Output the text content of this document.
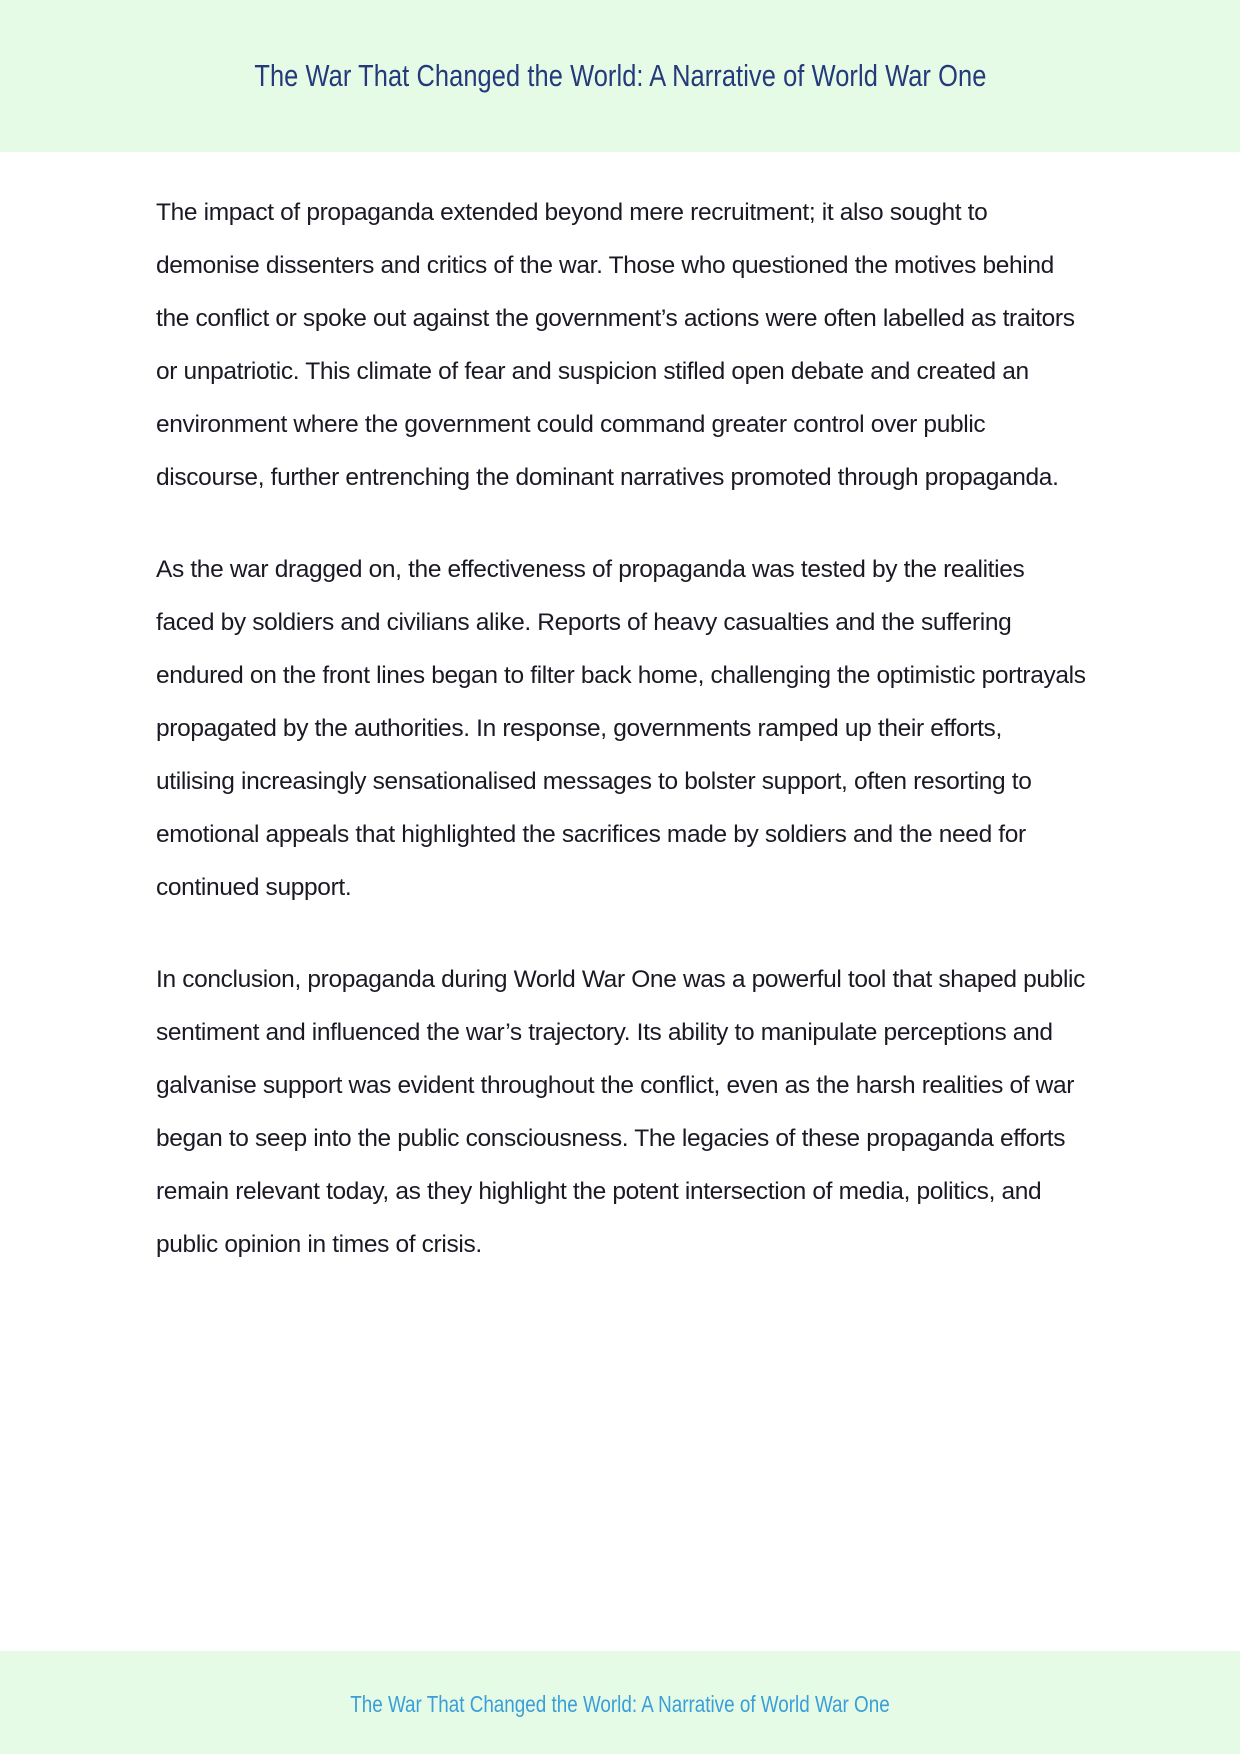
The War That Changed the World: A Narrative of World War One

The impact of propaganda extended beyond mere recruitment; it also sought to demonise dissenters and critics of the war. Those who questioned the motives behind the conflict or spoke out against the government’s actions were often labelled as traitors or unpatriotic. This climate of fear and suspicion stifled open debate and created an environment where the government could command greater control over public discourse, further entrenching the dominant narratives promoted through propaganda.

As the war dragged on, the effectiveness of propaganda was tested by the realities faced by soldiers and civilians alike. Reports of heavy casualties and the suffering endured on the front lines began to filter back home, challenging the optimistic portrayals propagated by the authorities. In response, governments ramped up their efforts, utilising increasingly sensationalised messages to bolster support, often resorting to emotional appeals that highlighted the sacrifices made by soldiers and the need for continued support.

In conclusion, propaganda during World War One was a powerful tool that shaped public sentiment and influenced the war’s trajectory. Its ability to manipulate perceptions and galvanise support was evident throughout the conflict, even as the harsh realities of war began to seep into the public consciousness. The legacies of these propaganda efforts remain relevant today, as they highlight the potent intersection of media, politics, and public opinion in times of crisis.

The War That Changed the World: A Narrative of World War One
